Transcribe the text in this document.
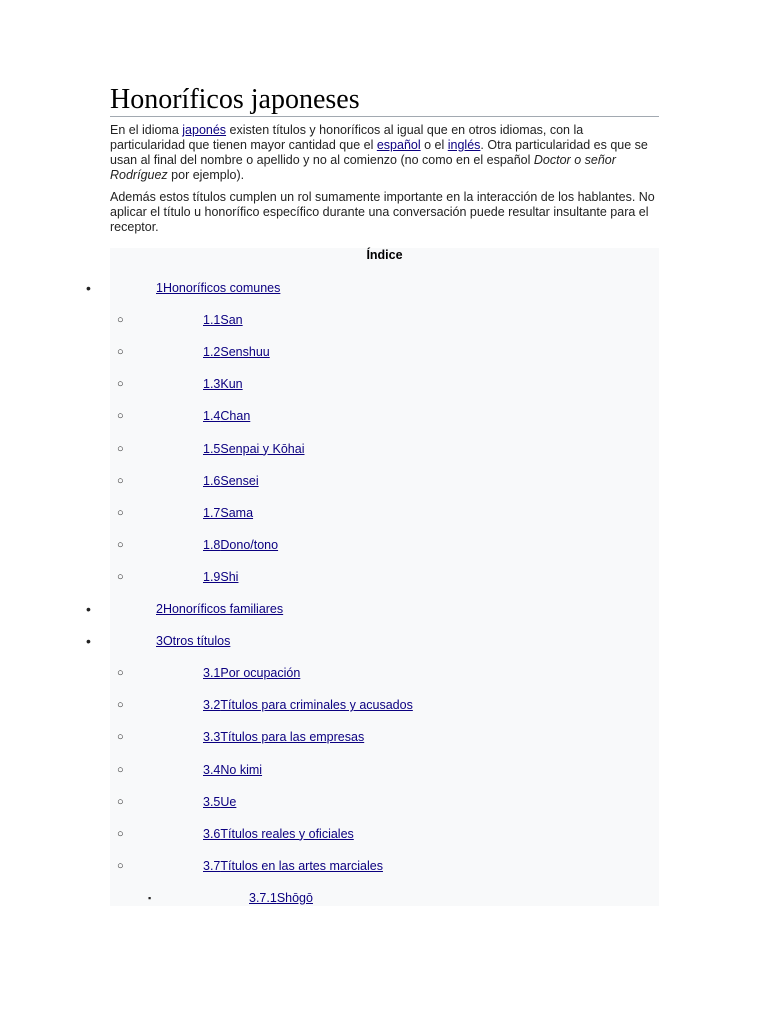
Honoríficos japoneses

En el idioma japonés existen títulos y honoríficos al igual que en otros idiomas, con la particularidad que tienen mayor cantidad que el español o el inglés. Otra particularidad es que se usan al final del nombre o apellido y no al comienzo (no como en el español Doctor o señor Rodríguez por ejemplo).

Además estos títulos cumplen un rol sumamente importante en la interacción de los hablantes. No aplicar el título u honorífico específico durante una conversación puede resultar insultante para el receptor.

Índice
•	1Honoríficos comunes
○	1.1San
○	1.2Senshuu
○	1.3Kun
○	1.4Chan
○	1.5Senpai y Kōhai
○	1.6Sensei
○	1.7Sama
○	1.8Dono/tono
○	1.9Shi
•	2Honoríficos familiares
•	3Otros títulos
○	3.1Por ocupación
○	3.2Títulos para criminales y acusados
○	3.3Títulos para las empresas
○	3.4No kimi
○	3.5Ue
○	3.6Títulos reales y oficiales
○	3.7Títulos en las artes marciales
▪	3.7.1Shōgō
